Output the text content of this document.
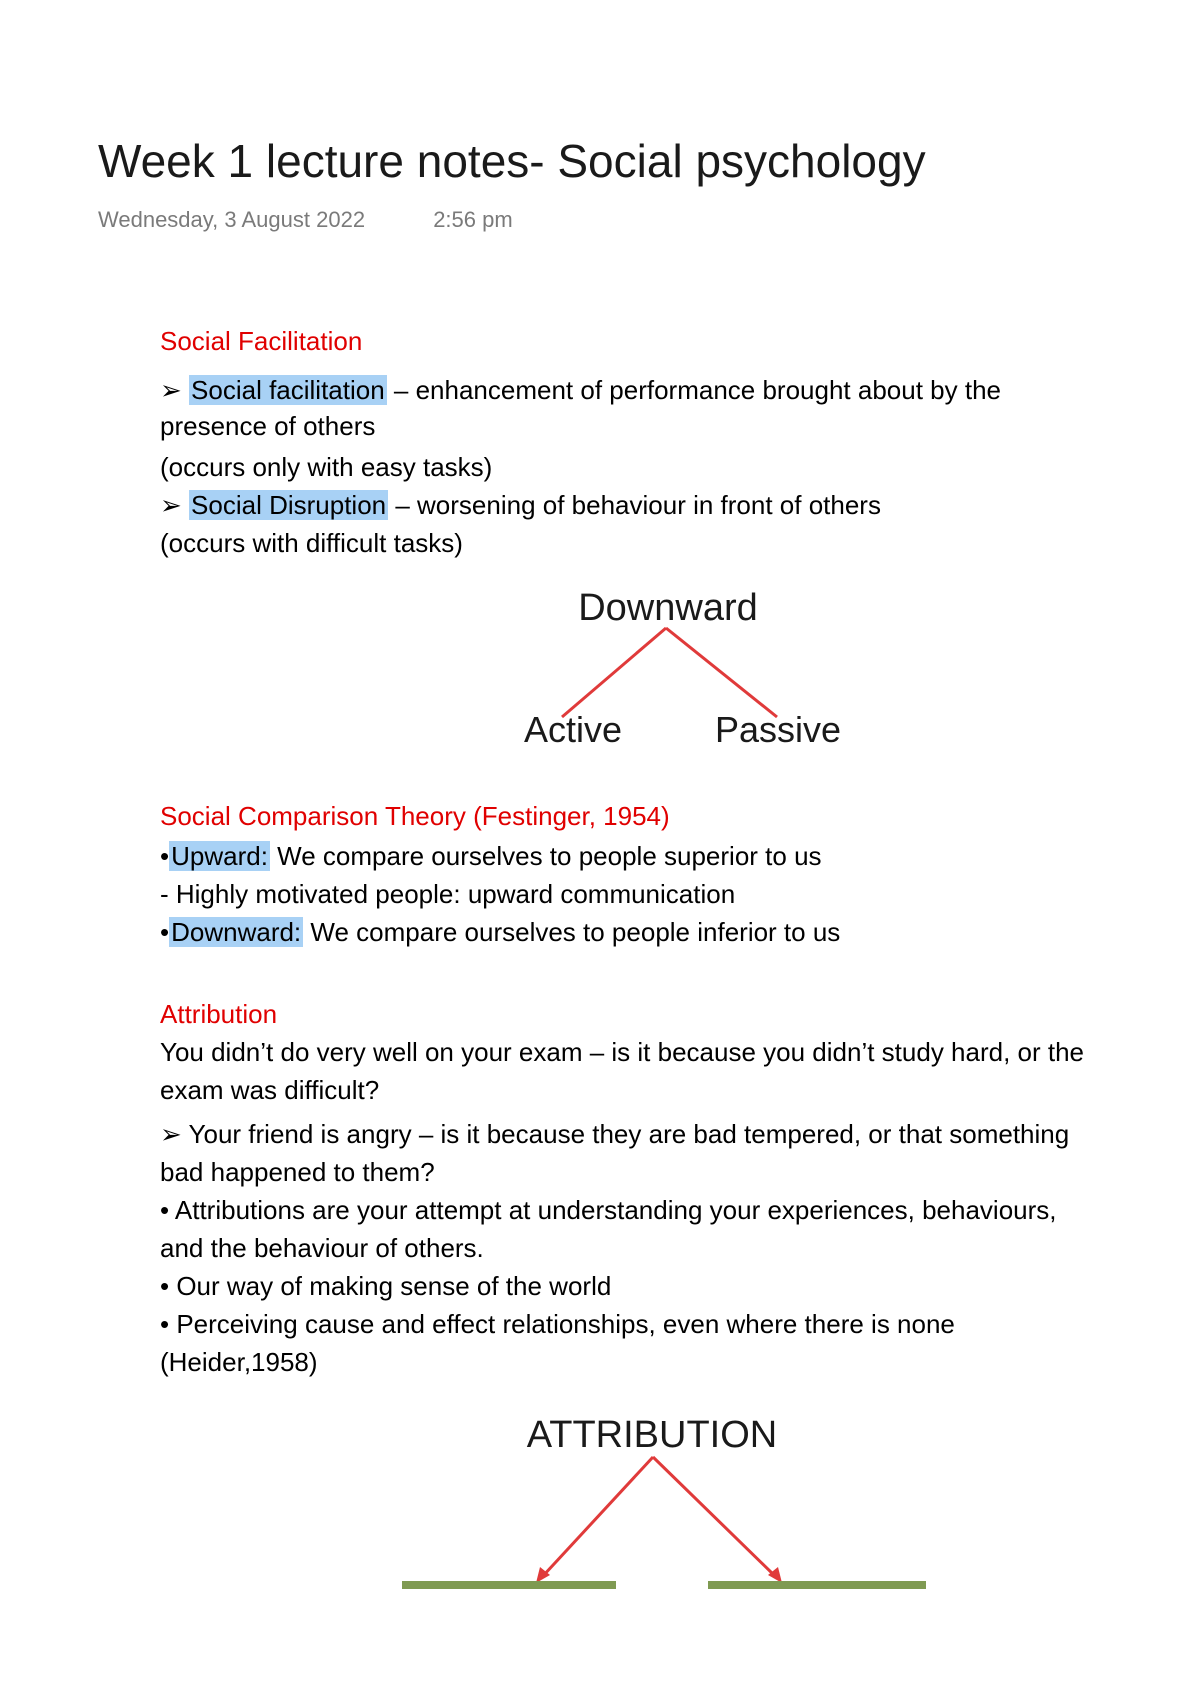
Week 1 lecture notes- Social psychology
Wednesday, 3 August 2022	2:56 pm
Social Facilitation
➢ Social facilitation – enhancement of performance brought about by the presence of others
(occurs only with easy tasks)
➢ Social Disruption – worsening of behaviour in front of others
(occurs with difficult tasks)
Downward
Active	Passive
Social Comparison Theory (Festinger, 1954)
•Upward: We compare ourselves to people superior to us
- Highly motivated people: upward communication
•Downward: We compare ourselves to people inferior to us
Attribution
You didn’t do very well on your exam – is it because you didn’t study hard, or the exam was difficult?
➢ Your friend is angry – is it because they are bad tempered, or that something bad happened to them?
• Attributions are your attempt at understanding your experiences, behaviours, and the behaviour of others.
• Our way of making sense of the world
• Perceiving cause and effect relationships, even where there is none (Heider,1958)
ATTRIBUTION
